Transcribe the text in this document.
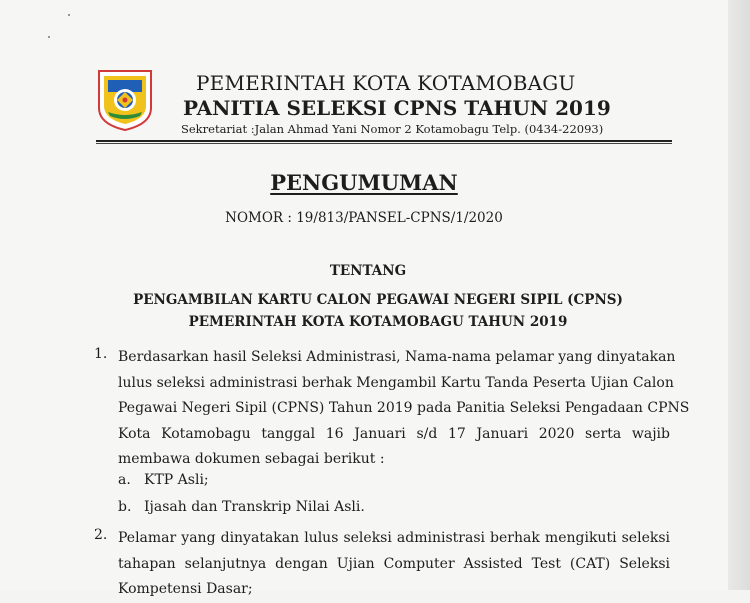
PEMERINTAH KOTA KOTAMOBAGU
PANITIA SELEKSI CPNS TAHUN 2019
Sekretariat :Jalan Ahmad Yani Nomor 2 Kotamobagu Telp. (0434-22093)
PENGUMUMAN
NOMOR : 19/813/PANSEL-CPNS/1/2020
TENTANG
PENGAMBILAN KARTU CALON PEGAWAI NEGERI SIPIL (CPNS)
PEMERINTAH KOTA KOTAMOBAGU TAHUN 2019
1. Berdasarkan hasil Seleksi Administrasi, Nama-nama pelamar yang dinyatakan
lulus seleksi administrasi berhak Mengambil Kartu Tanda Peserta Ujian Calon
Pegawai Negeri Sipil (CPNS) Tahun 2019 pada Panitia Seleksi Pengadaan CPNS
Kota Kotamobagu tanggal 16 Januari s/d 17 Januari 2020 serta wajib
membawa dokumen sebagai berikut :
a. KTP Asli;
b. Ijasah dan Transkrip Nilai Asli.
2. Pelamar yang dinyatakan lulus seleksi administrasi berhak mengikuti seleksi
tahapan selanjutnya dengan Ujian Computer Assisted Test (CAT) Seleksi
Kompetensi Dasar;
